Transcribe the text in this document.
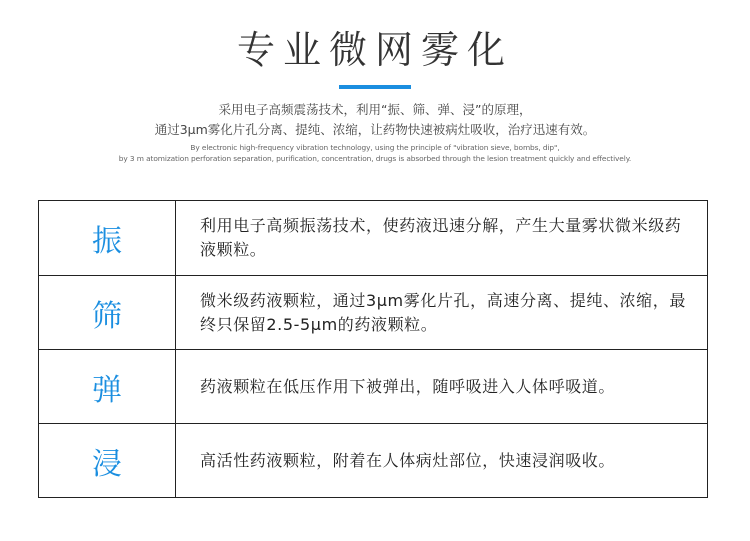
专业微网雾化
采用电子高频震荡技术，利用“振、筛、弹、浸”的原理，
通过3μm雾化片孔分离、提纯、浓缩，让药物快速被病灶吸收，治疗迅速有效。
By electronic high-frequency vibration technology, using the principle of "vibration sieve, bombs, dip",
by 3 m atomization perforation separation, purification, concentration, drugs is absorbed through the lesion treatment quickly and effectively.
振	利用电子高频振荡技术，使药液迅速分解，产生大量雾状微米级药液颗粒。
筛	微米级药液颗粒，通过3μm雾化片孔，高速分离、提纯、浓缩，最终只保留2.5-5μm的药液颗粒。
弹	药液颗粒在低压作用下被弹出，随呼吸进入人体呼吸道。
浸	高活性药液颗粒，附着在人体病灶部位，快速浸润吸收。
